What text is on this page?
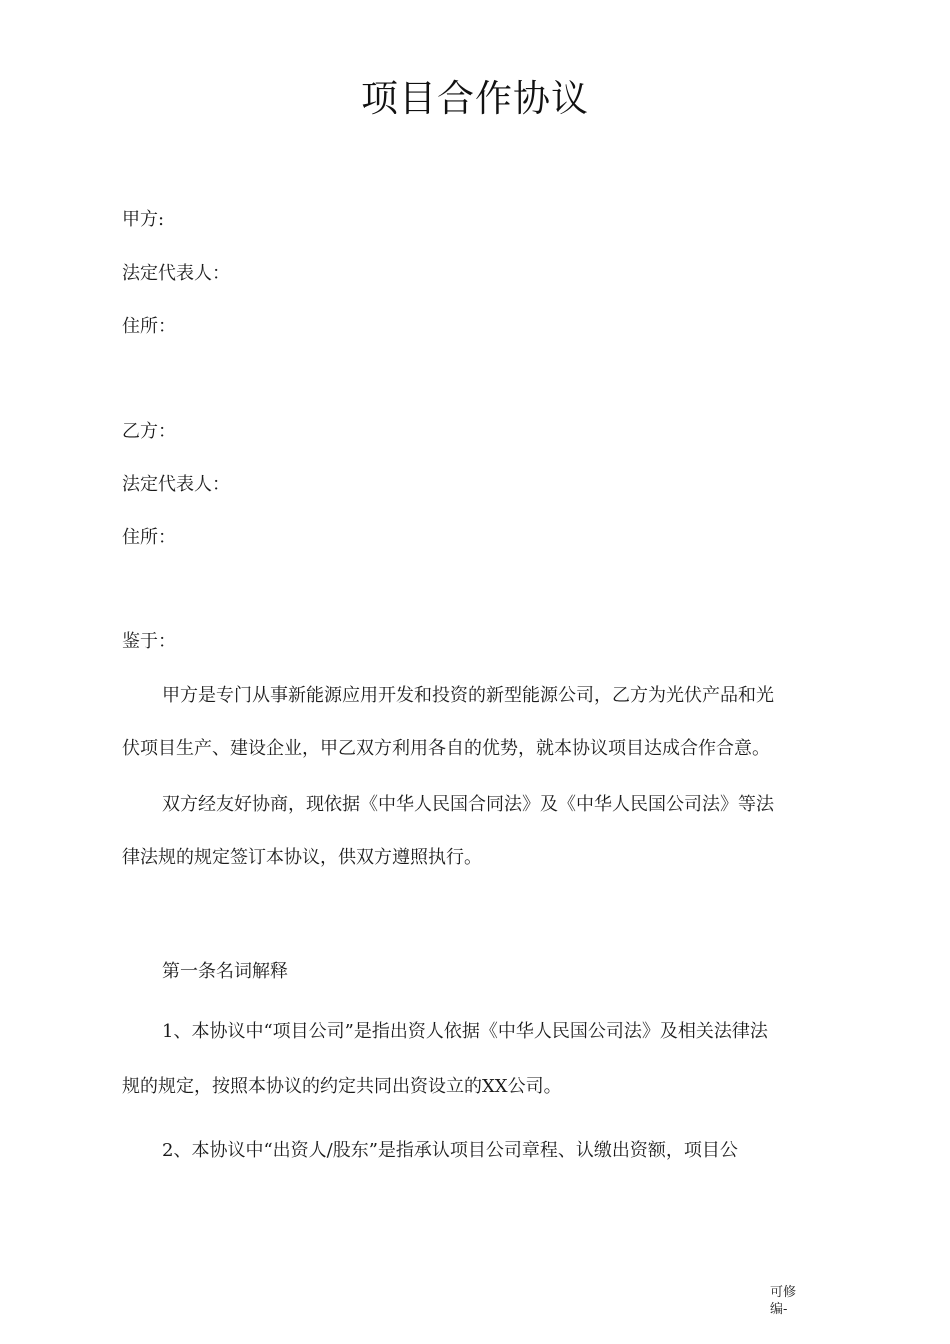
项目合作协议
甲方:
法定代表人：
住所：
乙方：
法定代表人：
住所：
鉴于：
甲方是专门从事新能源应用开发和投资的新型能源公司，乙方为光伏产品和光
伏项目生产、建设企业，甲乙双方利用各自的优势，就本协议项目达成合作合意。
双方经友好协商，现依据《中华人民国合同法》及《中华人民国公司法》等法
律法规的规定签订本协议，供双方遵照执行。
第一条名词解释
1、本协议中“项目公司”是指出资人依据《中华人民国公司法》及相关法律法
规的规定，按照本协议的约定共同出资设立的XX公司。
2、本协议中“出资人/股东”是指承认项目公司章程、认缴出资额，项目公
可修
编-
